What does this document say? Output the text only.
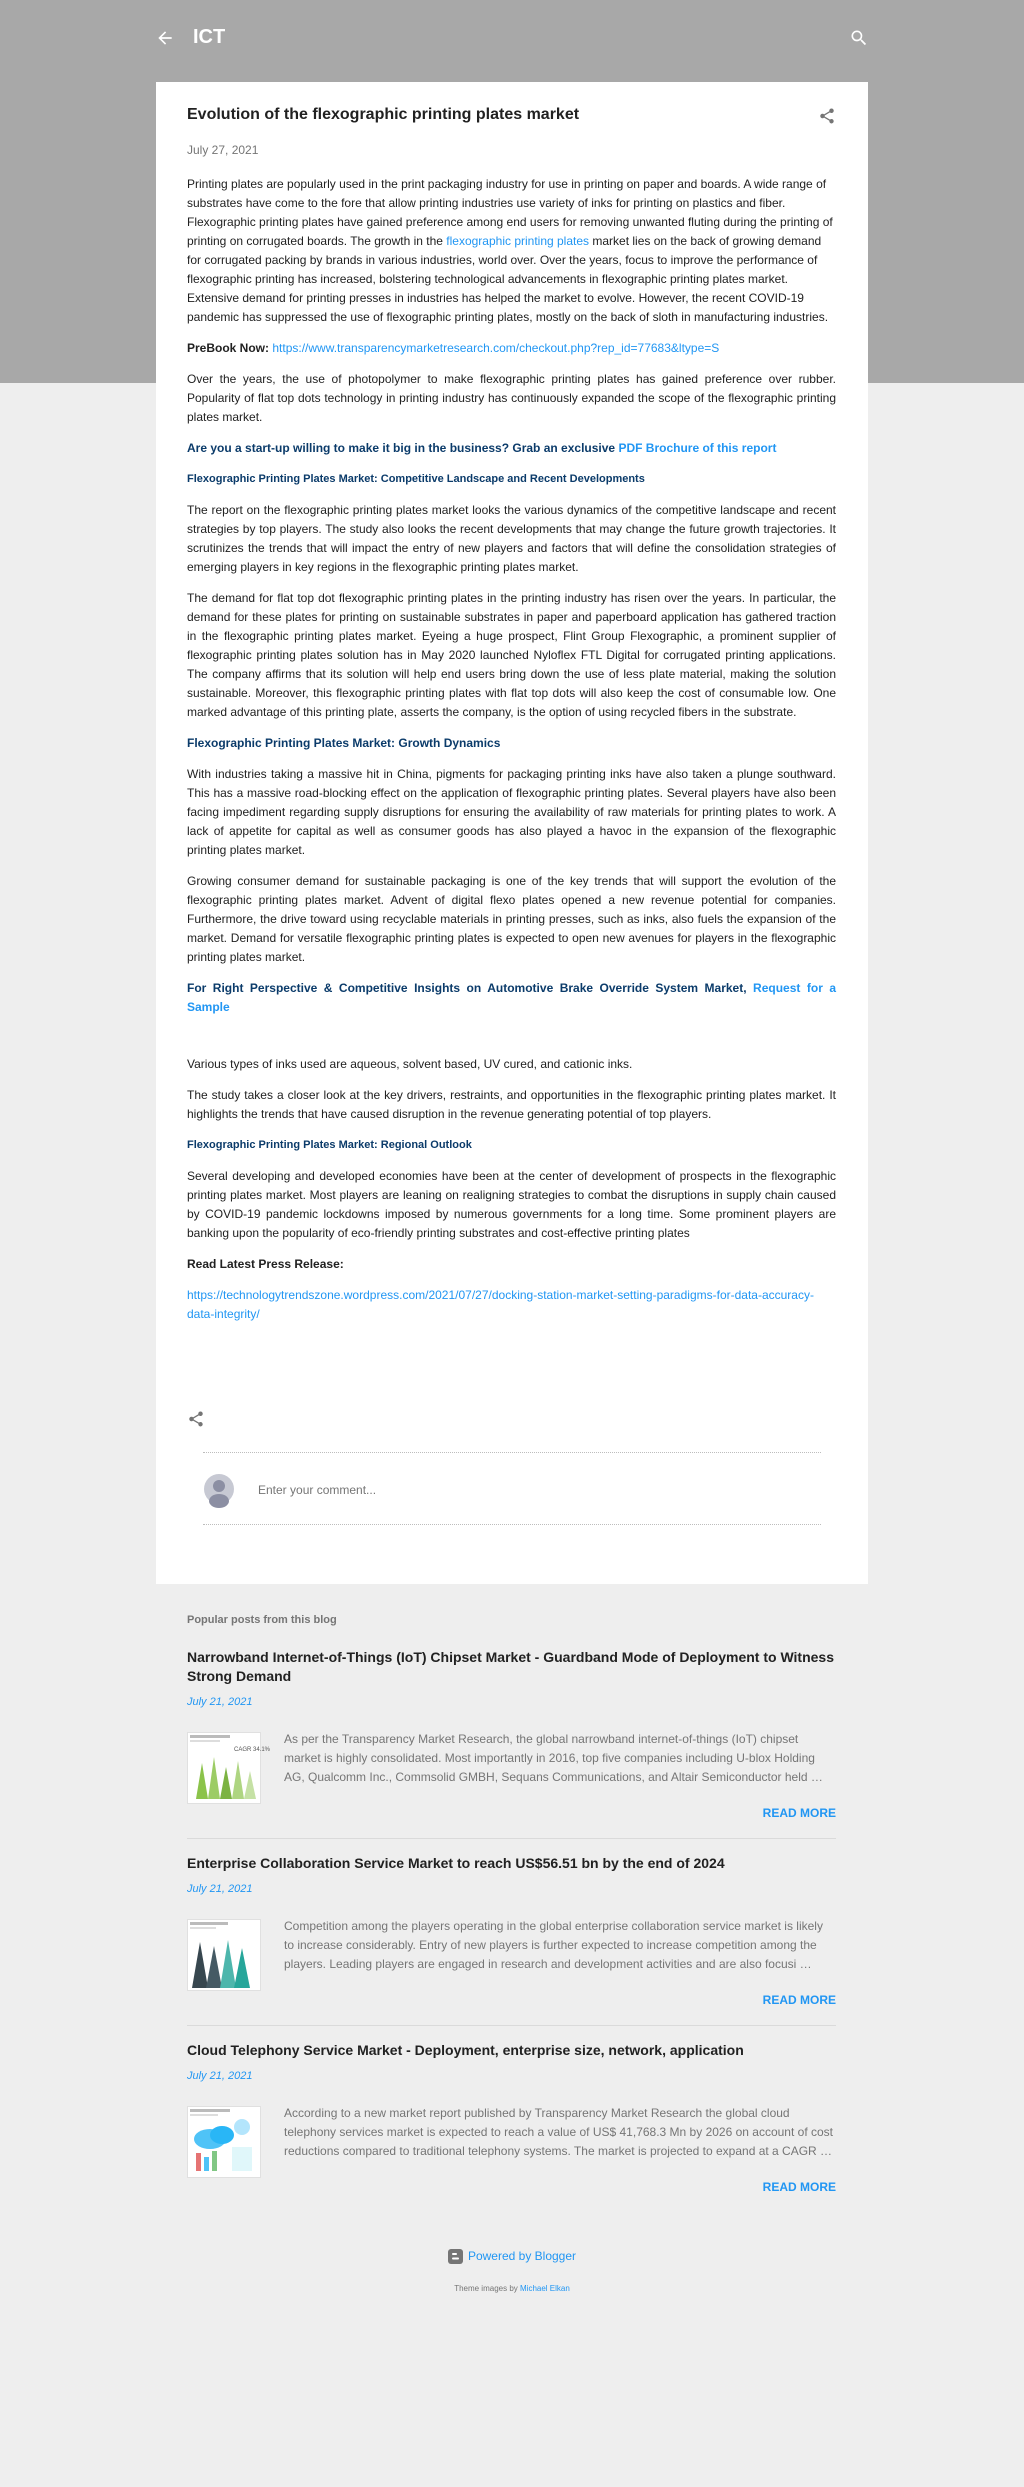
ICT
Evolution of the flexographic printing plates market
July 27, 2021

Printing plates are popularly used in the print packaging industry for use in printing on paper and boards. A wide range of substrates have come to the fore that allow printing industries use variety of inks for printing on plastics and fiber. Flexographic printing plates have gained preference among end users for removing unwanted fluting during the printing of printing on corrugated boards. The growth in the flexographic printing plates market lies on the back of growing demand for corrugated packing by brands in various industries, world over. Over the years, focus to improve the performance of flexographic printing has increased, bolstering technological advancements in flexographic printing plates market. Extensive demand for printing presses in industries has helped the market to evolve. However, the recent COVID-19 pandemic has suppressed the use of flexographic printing plates, mostly on the back of sloth in manufacturing industries.

PreBook Now: https://www.transparencymarketresearch.com/checkout.php?rep_id=77683&ltype=S

Over the years, the use of photopolymer to make flexographic printing plates has gained preference over rubber. Popularity of flat top dots technology in printing industry has continuously expanded the scope of the flexographic printing plates market.

Are you a start-up willing to make it big in the business? Grab an exclusive PDF Brochure of this report

Flexographic Printing Plates Market: Competitive Landscape and Recent Developments

The report on the flexographic printing plates market looks the various dynamics of the competitive landscape and recent strategies by top players. The study also looks the recent developments that may change the future growth trajectories. It scrutinizes the trends that will impact the entry of new players and factors that will define the consolidation strategies of emerging players in key regions in the flexographic printing plates market.

The demand for flat top dot flexographic printing plates in the printing industry has risen over the years. In particular, the demand for these plates for printing on sustainable substrates in paper and paperboard application has gathered traction in the flexographic printing plates market. Eyeing a huge prospect, Flint Group Flexographic, a prominent supplier of flexographic printing plates solution has in May 2020 launched Nyloflex FTL Digital for corrugated printing applications. The company affirms that its solution will help end users bring down the use of less plate material, making the solution sustainable. Moreover, this flexographic printing plates with flat top dots will also keep the cost of consumable low. One marked advantage of this printing plate, asserts the company, is the option of using recycled fibers in the substrate.

Flexographic Printing Plates Market: Growth Dynamics

With industries taking a massive hit in China, pigments for packaging printing inks have also taken a plunge southward. This has a massive road-blocking effect on the application of flexographic printing plates. Several players have also been facing impediment regarding supply disruptions for ensuring the availability of raw materials for printing plates to work. A lack of appetite for capital as well as consumer goods has also played a havoc in the expansion of the flexographic printing plates market.

Growing consumer demand for sustainable packaging is one of the key trends that will support the evolution of the flexographic printing plates market. Advent of digital flexo plates opened a new revenue potential for companies. Furthermore, the drive toward using recyclable materials in printing presses, such as inks, also fuels the expansion of the market. Demand for versatile flexographic printing plates is expected to open new avenues for players in the flexographic printing plates market.

For Right Perspective & Competitive Insights on Automotive Brake Override System Market, Request for a Sample

Various types of inks used are aqueous, solvent based, UV cured, and cationic inks.

The study takes a closer look at the key drivers, restraints, and opportunities in the flexographic printing plates market. It highlights the trends that have caused disruption in the revenue generating potential of top players.

Flexographic Printing Plates Market: Regional Outlook

Several developing and developed economies have been at the center of development of prospects in the flexographic printing plates market. Most players are leaning on realigning strategies to combat the disruptions in supply chain caused by COVID-19 pandemic lockdowns imposed by numerous governments for a long time. Some prominent players are banking upon the popularity of eco-friendly printing substrates and cost-effective printing plates

Read Latest Press Release:

https://technologytrendszone.wordpress.com/2021/07/27/docking-station-market-setting-paradigms-for-data-accuracy-data-integrity/

Enter your comment...
Popular posts from this blog
Narrowband Internet-of-Things (IoT) Chipset Market - Guardband Mode of Deployment to Witness Strong Demand
July 21, 2021
CAGR 34.1%
As per the Transparency Market Research, the global narrowband internet-of-things (IoT) chipset market is highly consolidated. Most importantly in 2016, top five companies including U-blox Holding AG, Qualcomm Inc., Commsolid GMBH, Sequans Communications, and Altair Semiconductor held …
READ MORE
Enterprise Collaboration Service Market to reach US$56.51 bn by the end of 2024
July 21, 2021
Competition among the players operating in the global enterprise collaboration service market is likely to increase considerably. Entry of new players is further expected to increase competition among the players. Leading players are engaged in research and development activities and are also focusi …
READ MORE
Cloud Telephony Service Market - Deployment, enterprise size, network, application
July 21, 2021
According to a new market report published by Transparency Market Research the global cloud telephony services market is expected to reach a value of US$ 41,768.3 Mn by 2026 on account of cost reductions compared to traditional telephony systems. The market is projected to expand at a CAGR …
READ MORE
Powered by Blogger
Theme images by Michael Elkan
